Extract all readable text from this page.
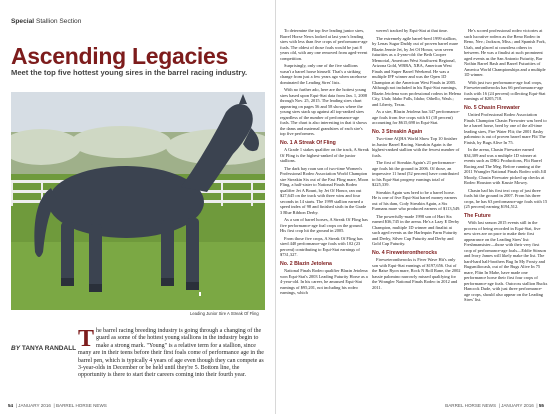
Special Stallion Section
Ascending Legacies
Meet the top five hottest young sires in the barrel racing industry.
Leading Junior Sire A Streak Of Fling
BY TANYA RANDALL T he barrel racing breeding industry is going through a changing of the guard as some of the hottest young stallions in the industry begin to make a strong mark. "Young" is a relative term for a stallion, since many are in their teens before their first foals come of performance age in the barrel pen, which is typically 4 years of age even though they can compete as 3-year-olds in December or be held until they're 5. Bottom line, the opportunity is there to start their careers coming into their fourth year.
54  | JANUARY 2016  | BARREL HORSE NEWS

To determine the top five leading junior sires, Barrel Horse News looked at last year's leading sires with less than five crops of performance-age foals. The oldest of those foals would be just 8 years old, with any one removed from aged-event competition.

Surprisingly, only one of the five stallions wasn't a barrel horse himself. That's a striking change from just a few years ago when racehorse dominated the Leading Sires' lists.

With no further ado, here are the hottest young sires based upon Equi-Stat data from Jan. 1, 2008 through Nov. 25, 2015. The leading sires chart appearing on pages 56 and 58 shows where the young sires stack up against all top-ranked sires regardless of the number of performance-age foals. The chart is also interesting in that it shows the dams and maternal grandsires of each sire's top five performers.

No. 1 A Streak Of Fling

A Grade 1 stakes qualifier on the track, A Streak Of Fling is the highest-ranked of the junior stallions.

The dark bay roan son of two-time Women's Professional Rodeo Association World Champion sire Streakin Six out of the Fast Fling mare, Moon Fling, a half-sister to National Finals Rodeo qualifier Jet A Bount, by Jet Of Honor, ran out $27,645 on the track with three wins and four seconds in 14 starts. The 1999 stallion earned a speed index of 98 and finished sixth in the Grade 3 Blue Ribbon Derby.

As a son of barrel horses, A Streak Of Fling has five performance-age foal crops on the ground. His first crop hit the ground in 2005.

From those five crops, A Streak Of Fling has sired 440 performance-age foals with 102 (23 percent) contributing to Equi-Stat earnings of $731,327.

No. 2 Blazin Jetolena

National Finals Rodeo qualifier Blazin Jetolena won Equi-Stat's 2003 Leading Futurity Horse as a 4-year-old. In his career, he amassed Equi-Stat earnings of $95,201, not including his rodeo earnings, which

weren't tracked by Equi-Stat at that time.

The extremely agile barrel-bred 1999 stallion, by Lenas Sugar Daddy out of proven barrel mare Blazin Jennie Jet, by Jet Of Honor, won seven futurities as a 4-year-old: the Beth Cooper Memorial, American West Southwest Regional, Arizona Gold, WBRA, XBA, American West Finals and Super Barrel Weekend. He was a multiple IFF winner and was the Open 1D Champion at the American West Finals in 2005. Although not included in his Equi-Stat earnings, Blazin Jetolena won professional rodeos in Helena City, Utah; Idaho Falls, Idaho; Othello, Wash.; and Liberty, Texas.

As a sire, Blazin Jetolena has 347 performance-age foals from five crops with 61 (18 percent) accounting for $615,698 in Equi-Stat.

No. 3 Streakin Again

Two-time AQHA World Show Top 10 finisher in Junior Barrel Racing, Streakin Again is the highest-ranked stallion with the fewest number of foals.

The first of Streakin Again's 21 performance-age foals hit the ground in 2006. Of those, an impressive 11 head (52 percent) have contributed to his Equi-Stat progeny earnings total of $225,339.

Streakin Again was bred to be a barrel horse. He is one of five Equi-Stat barrel money earners out of his dam, Cody Streakin Again, a Six Furmans mare who produced earners of $113,549.

The powerfully-made 1998 son of Hart Six earned $36,745 in the arena. He's a Lazy E Derby Champion, multiple 1D winner and finalist at such aged events as the Harlequin Farm Futurity and Derby, Silver Cup Futurity and Derby and Gold Cup Futurity.

No. 4 Fireweterontherocks

Fireweterontherocks is Fiver Wave Hit's only son with Equi-Stat earnings of $197,656. Out of the Raise Ryon mare, Rock N Roll Rane, the 2002 bassie palomino narrowly missed qualifying for the Wrangler National Finals Rodeo in 2012 and 2011.

He's scored professional rodeo victories at such lucrative rodeos as the Reno Rodeo in Reno, Nev.; Jackson, Miss.; and Spanish Fork, Utah, and placed at countless others in between. He was a finalist at such prominent aged events as the San Antonio Futurity, Bar Nothin Barrel Bash and Barrel Futurities of America World Championships and a multiple 1D winner.

With just two performance-age foal crops, Fireweterontherocks has 66 performance-age foals with 16 (24 percent) collecting Equi-Stat earnings of $205,718.

No. 5 Chasin Firewater

United Professional Rodeo Association Finals Champion Chasin Firewater was bred to be a barrel horse, bred by one of the all-time leading sires, Fire Water Flit; the 2001 flashy palomino is out of proven barrel mare Flit The Finish, by Bugs Alive In 75.

In the arena, Chasin Firewater earned $34,309 and was a multiple 1D winner at events such as DRG Productions, Flit Barrel Racing and The Meg. Before running at the 2011 Wrangler National Finals Rodeo with Jill Moody, Chasin Firewater picked up checks at Rodeo Houston with Kassie Mowry.

Chasin had his first text crop of just three foals hit the ground in 2007. From his three crops, he has 63 performance-age foals with 15 (25 percent) earning $194,512.

The Future

With last season 2015 events still in the process of being recorded in Equi-Stat, five new sires are on pace to make their first appearance on the Leading Sires' list: Freshmansister—those with their very first crop of performance-age foals—Eddie Stinson and Ivory James will likely make the list. The hard-hard half-brothers Bug In My Frosty and Bugsmiliocash, out of the Bugs Alive In 75 mare, Flitn In Mabe, have made one performance horse their first four crops of performance-age foals. Outcross stallion Bucks Hancock Dude, with just three performance-age crops, should also appear on the Leading Sires' list.

BARREL HORSE NEWS  | JANUARY 2016  | 55
